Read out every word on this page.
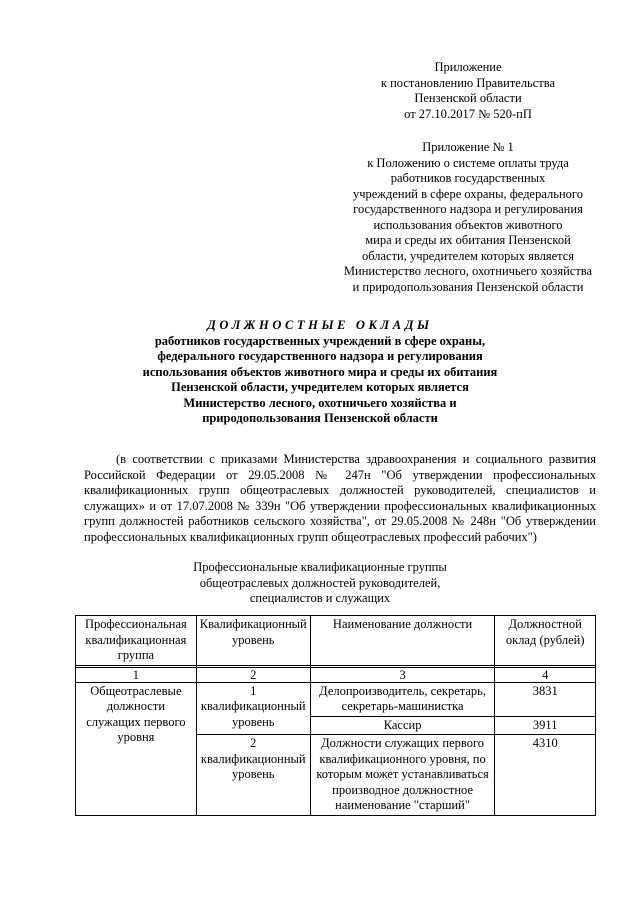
Приложение
к постановлению Правительства
Пензенской области
от 27.10.2017 № 520-пП
Приложение № 1
к Положению о системе оплаты труда
работников государственных
учреждений в сфере охраны, федерального
государственного надзора и регулирования
использования объектов животного
мира и среды их обитания Пензенской
области, учредителем которых является
Министерство лесного, охотничьего хозяйства
и природопользования Пензенской области
ДОЛЖНОСТНЫЕ ОКЛАДЫ
работников государственных учреждений в сфере охраны,
федерального государственного надзора и регулирования
использования объектов животного мира и среды их обитания
Пензенской области, учредителем которых является
Министерство лесного, охотничьего хозяйства и
природопользования Пензенской области

(в соответствии с приказами Министерства здравоохранения и социального развития Российской Федерации от 29.05.2008 № 247н "Об утверждении профессиональных квалификационных групп общеотраслевых должностей руководителей, специалистов и служащих» и от 17.07.2008 № 339н "Об утверждении профессиональных квалификационных групп должностей работников сельского хозяйства", от 29.05.2008 № 248н "Об утверждении профессиональных квалификационных групп общеотраслевых профессий рабочих")

Профессиональные квалификационные группы
общеотраслевых должностей руководителей,
специалистов и служащих
Профессиональная квалификационная группа	Квалификационный уровень	Наименование должности	Должностной оклад (рублей)

1	2	3	4
Общеотраслевые должности служащих первого уровня	1 квалификационный уровень	Делопроизводитель, секретарь, секретарь-машинистка	3831
		Кассир	3911
	2 квалификационный уровень	Должности служащих первого квалификационного уровня, по которым может устанавливаться производное должностное наименование "старший"	4310
